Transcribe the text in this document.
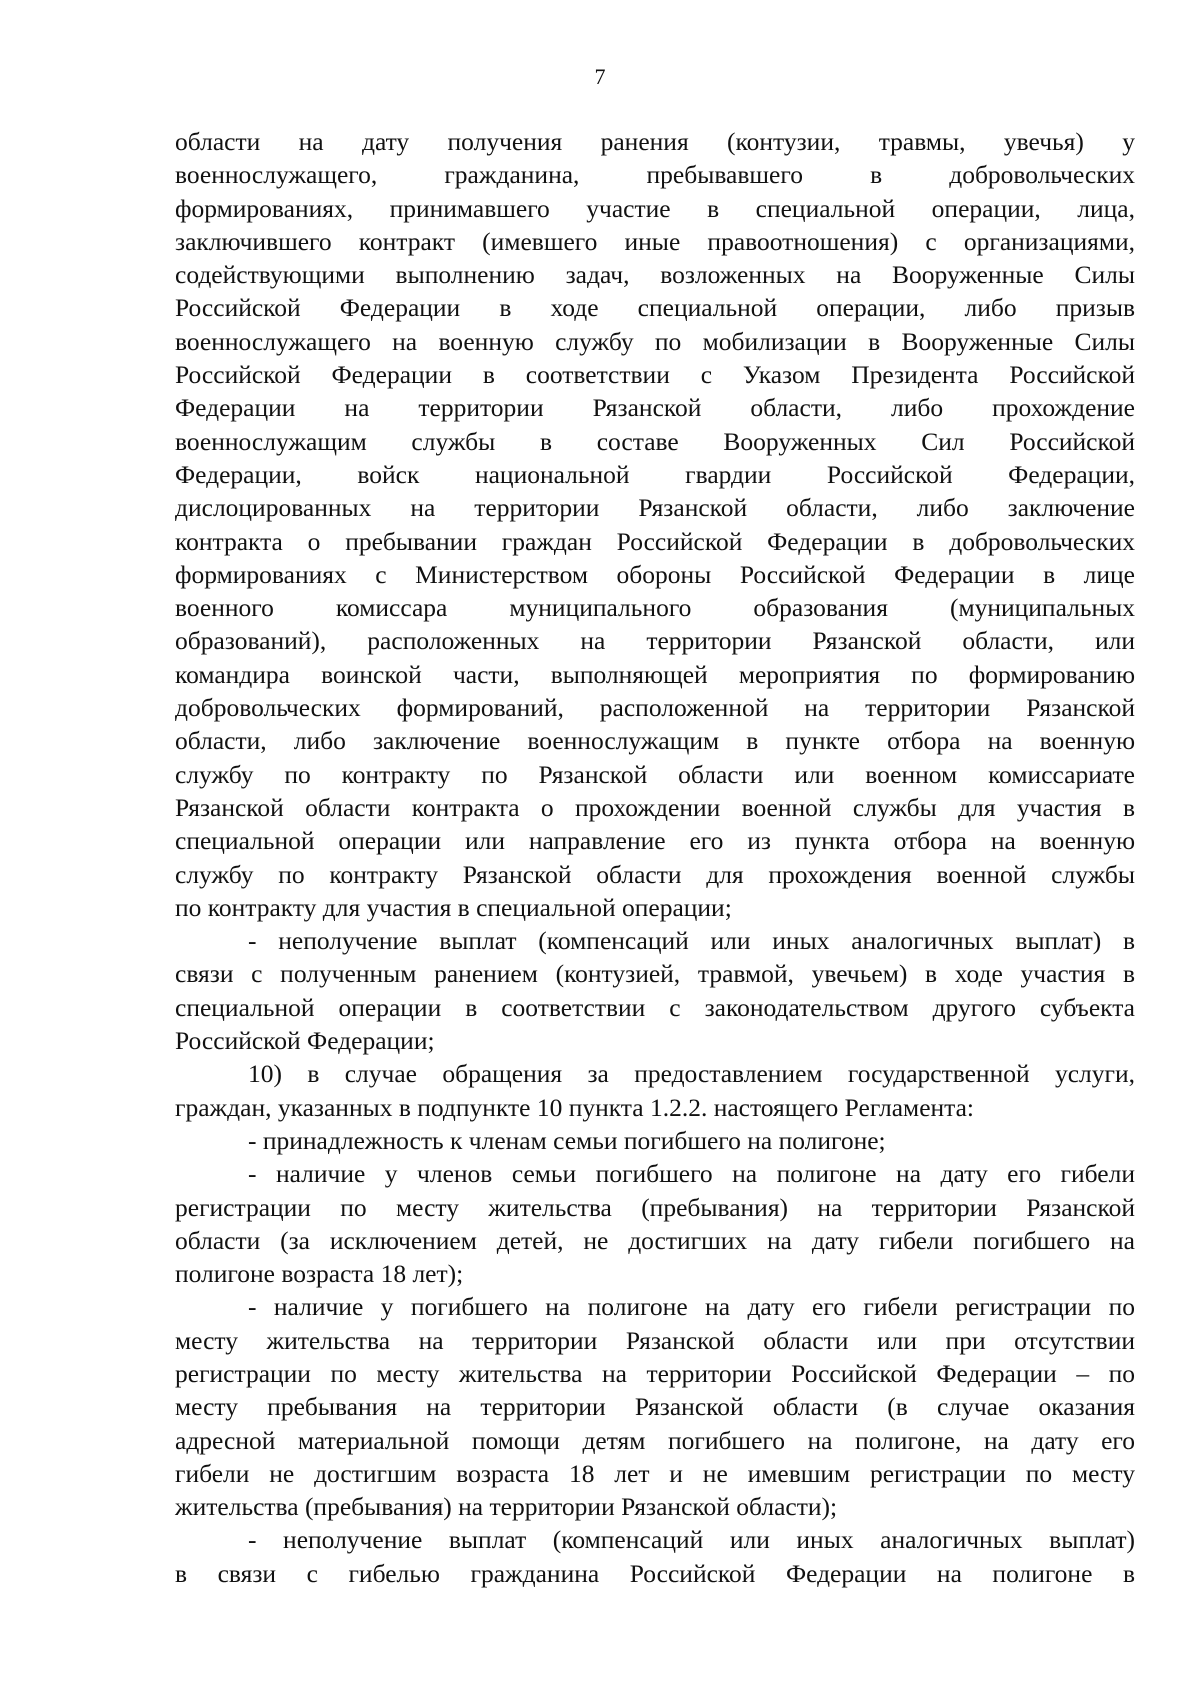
7
области на дату получения ранения (контузии, травмы, увечья) у
военнослужащего, гражданина, пребывавшего в добровольческих
формированиях, принимавшего участие в специальной операции, лица,
заключившего контракт (имевшего иные правоотношения) с организациями,
содействующими выполнению задач, возложенных на Вооруженные Силы
Российской Федерации в ходе специальной операции, либо призыв
военнослужащего на военную службу по мобилизации в Вооруженные Силы
Российской Федерации в соответствии с Указом Президента Российской
Федерации на территории Рязанской области, либо прохождение
военнослужащим службы в составе Вооруженных Сил Российской
Федерации, войск национальной гвардии Российской Федерации,
дислоцированных на территории Рязанской области, либо заключение
контракта о пребывании граждан Российской Федерации в добровольческих
формированиях с Министерством обороны Российской Федерации в лице
военного комиссара муниципального образования (муниципальных
образований), расположенных на территории Рязанской области, или
командира воинской части, выполняющей мероприятия по формированию
добровольческих формирований, расположенной на территории Рязанской
области, либо заключение военнослужащим в пункте отбора на военную
службу по контракту по Рязанской области или военном комиссариате
Рязанской области контракта о прохождении военной службы для участия в
специальной операции или направление его из пункта отбора на военную
службу по контракту Рязанской области для прохождения военной службы
по контракту для участия в специальной операции;
- неполучение выплат (компенсаций или иных аналогичных выплат) в
связи с полученным ранением (контузией, травмой, увечьем) в ходе участия в
специальной операции в соответствии с законодательством другого субъекта
Российской Федерации;
10) в случае обращения за предоставлением государственной услуги,
граждан, указанных в подпункте 10 пункта 1.2.2. настоящего Регламента:
- принадлежность к членам семьи погибшего на полигоне;
- наличие у членов семьи погибшего на полигоне на дату его гибели
регистрации по месту жительства (пребывания) на территории Рязанской
области (за исключением детей, не достигших на дату гибели погибшего на
полигоне возраста 18 лет);
- наличие у погибшего на полигоне на дату его гибели регистрации по
месту жительства на территории Рязанской области или при отсутствии
регистрации по месту жительства на территории Российской Федерации – по
месту пребывания на территории Рязанской области (в случае оказания
адресной материальной помощи детям погибшего на полигоне, на дату его
гибели не достигшим возраста 18 лет и не имевшим регистрации по месту
жительства (пребывания) на территории Рязанской области);
- неполучение выплат (компенсаций или иных аналогичных выплат)
в связи с гибелью гражданина Российской Федерации на полигоне в
